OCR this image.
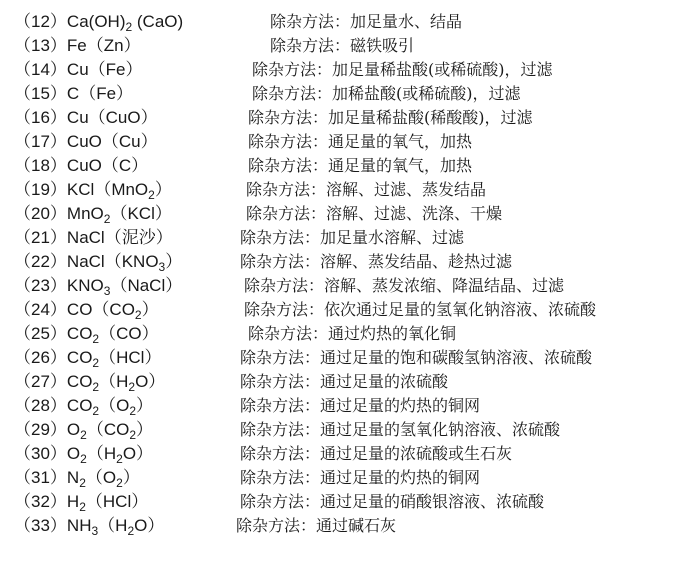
$(12)Ca(OH)_2$ (CaO)	除杂方法：加足量水、结晶
（13）Fe（Zn）	除杂方法：磁铁吸引
（14）Cu（Fe）	除杂方法：加足量稀盐酸(或稀硫酸)，过滤
（15）C（Fe）	除杂方法：加稀盐酸(或稀硫酸)，过滤
（16）Cu（CuO）	除杂方法：加足量稀盐酸(稀酸酸)，过滤
（17）CuO（Cu）	除杂方法：通足量的氧气，加热
（18）CuO（C）	除杂方法：通足量的氧气，加热
（19）KCl（MnO$_2$）	除杂方法：溶解、过滤、蒸发结晶
（20）MnO$_2$（KCl）	除杂方法：溶解、过滤、洗涤、干燥
（21）NaCl（泥沙）	除杂方法：加足量水溶解、过滤
$(22)NaCl(KNO_3)$	除杂方法：溶解、蒸发结晶、趁热过滤
$(23)KNO_3(NaCl)$	除杂方法：溶解、蒸发浓缩、降温结晶、过滤
$(24)CO(CO_2)$	除杂方法：依次通过足量的氢氧化钠溶液、浓硫酸
$(25)CO_2(CO)$	除杂方法：通过灼热的氧化铜
$(26)CO_2(HCl)$	除杂方法：通过足量的饱和碳酸氢钠溶液、浓硫酸
$(27)CO_2(H_2O)$	除杂方法：通过足量的浓硫酸
$(28)CO_2(O_2)$	除杂方法：通过足量的灼热的铜网
$(29)O_2(CO_2)$	除杂方法：通过足量的氢氧化钠溶液、浓硫酸
$(30)O_2(H_2O)$	除杂方法：通过足量的浓硫酸或生石灰
$(31)N_2(O_2)$	除杂方法：通过足量的灼热的铜网
$(32)H_2(HCl)$	除杂方法：通过足量的硝酸银溶液、浓硫酸
$(33)NH_3(H_2O)$	除杂方法：通过碱石灰
